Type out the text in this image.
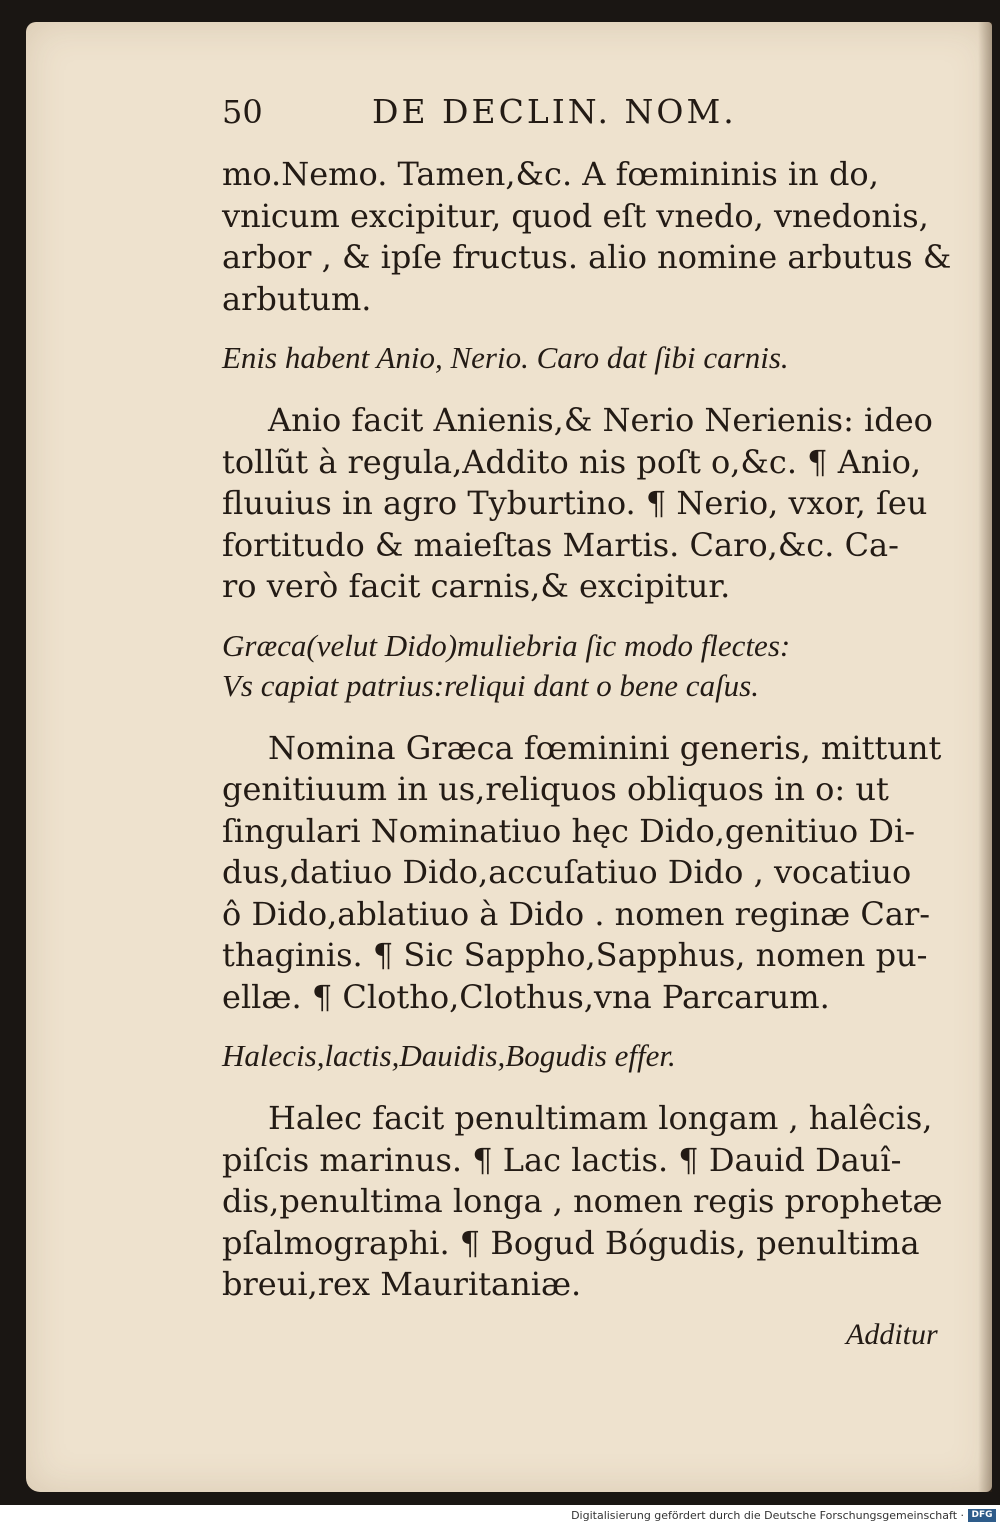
50	DE DECLIN. NOM.
mo.Nemo. Tamen,&c. A fœmininis in do,
vnicum excipitur, quod eſt vnedo, vnedonis,
arbor , & ipſe fructus. alio nomine arbutus &
arbutum.
Enis habent Anio, Nerio. Caro dat ſibi carnis.
Anio facit Anienis,& Nerio Nerienis: ideo
tollũt à regula,Addito nis poſt o,&c. ¶ Anio,
fluuius in agro Tyburtino. ¶ Nerio, vxor, ſeu
fortitudo & maieſtas Martis. Caro,&c. Ca-
ro verò facit carnis,& excipitur.
Græca(velut Dido)muliebria ſic modo flectes:
Vs capiat patrius:reliqui dant o bene caſus.
Nomina Græca fœminini generis, mittunt
genitiuum in us,reliquos obliquos in o: ut
ſingulari Nominatiuo hęc Dido,genitiuo Di-
dus,datiuo Dido,accuſatiuo Dido , vocatiuo
ô Dido,ablatiuo à Dido . nomen reginæ Car-
thaginis. ¶ Sic Sappho,Sapphus, nomen pu-
ellæ. ¶ Clotho,Clothus,vna Parcarum.
Halecis,lactis,Dauidis,Bogudis effer.
Halec facit penultimam longam , halêcis,
piſcis marinus. ¶ Lac lactis. ¶ Dauid Dauî-
dis,penultima longa , nomen regis prophetæ
pſalmographi. ¶ Bogud Bógudis, penultima
breui,rex Mauritaniæ.
Additur
Digitalisierung gefördert durch die Deutsche Forschungsgemeinschaft · DFG
